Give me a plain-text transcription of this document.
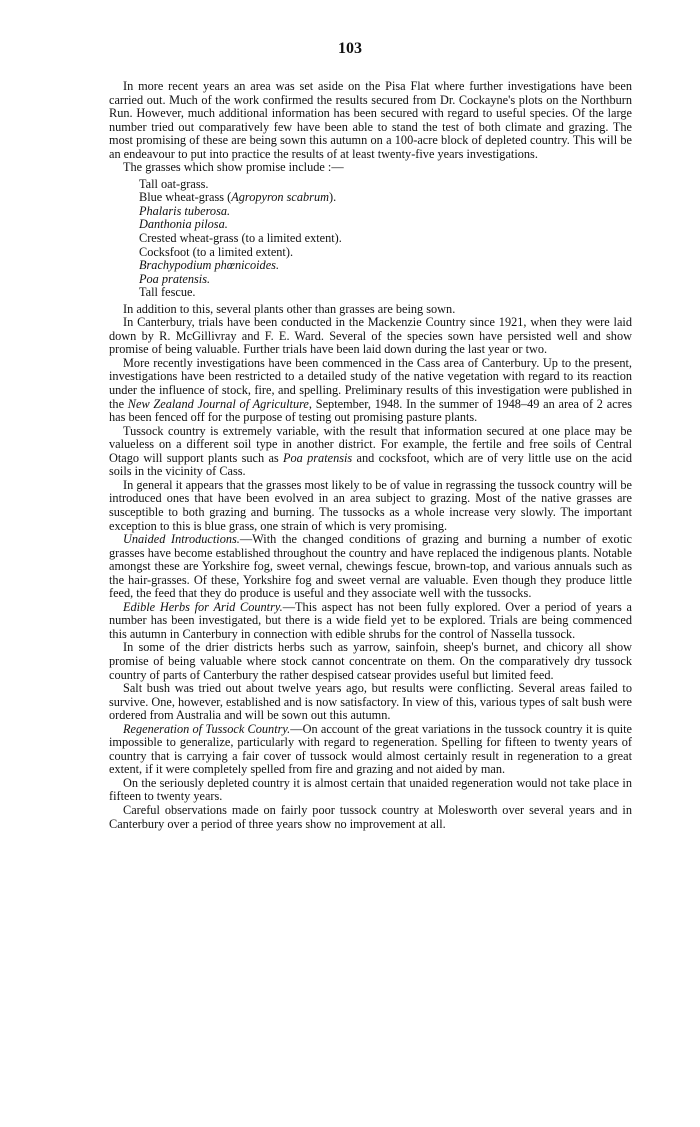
103

In more recent years an area was set aside on the Pisa Flat where further investigations have been carried out. Much of the work confirmed the results secured from Dr. Cockayne's plots on the Northburn Run. However, much additional information has been secured with regard to useful species. Of the large number tried out comparatively few have been able to stand the test of both climate and grazing. The most promising of these are being sown this autumn on a 100-acre block of depleted country. This will be an endeavour to put into practice the results of at least twenty-five years investigations.

The grasses which show promise include :—

Tall oat-grass.
Blue wheat-grass (Agropyron scabrum).
Phalaris tuberosa.
Danthonia pilosa.
Crested wheat-grass (to a limited extent).
Cocksfoot (to a limited extent).
Brachypodium phœnicoides.
Poa pratensis.
Tall fescue.

In addition to this, several plants other than grasses are being sown.

In Canterbury, trials have been conducted in the Mackenzie Country since 1921, when they were laid down by R. McGillivray and F. E. Ward. Several of the species sown have persisted well and show promise of being valuable. Further trials have been laid down during the last year or two.

More recently investigations have been commenced in the Cass area of Canterbury. Up to the present, investigations have been restricted to a detailed study of the native vegetation with regard to its reaction under the influence of stock, fire, and spelling. Preliminary results of this investigation were published in the New Zealand Journal of Agriculture, September, 1948. In the summer of 1948–49 an area of 2 acres has been fenced off for the purpose of testing out promising pasture plants.

Tussock country is extremely variable, with the result that information secured at one place may be valueless on a different soil type in another district. For example, the fertile and free soils of Central Otago will support plants such as Poa pratensis and cocksfoot, which are of very little use on the acid soils in the vicinity of Cass.

In general it appears that the grasses most likely to be of value in regrassing the tussock country will be introduced ones that have been evolved in an area subject to grazing. Most of the native grasses are susceptible to both grazing and burning. The tussocks as a whole increase very slowly. The important exception to this is blue grass, one strain of which is very promising.

Unaided Introductions.—With the changed conditions of grazing and burning a number of exotic grasses have become established throughout the country and have replaced the indigenous plants. Notable amongst these are Yorkshire fog, sweet vernal, chewings fescue, brown-top, and various annuals such as the hair-grasses. Of these, Yorkshire fog and sweet vernal are valuable. Even though they produce little feed, the feed that they do produce is useful and they associate well with the tussocks.

Edible Herbs for Arid Country.—This aspect has not been fully explored. Over a period of years a number has been investigated, but there is a wide field yet to be explored. Trials are being commenced this autumn in Canterbury in connection with edible shrubs for the control of Nassella tussock.

In some of the drier districts herbs such as yarrow, sainfoin, sheep's burnet, and chicory all show promise of being valuable where stock cannot concentrate on them. On the comparatively dry tussock country of parts of Canterbury the rather despised catsear provides useful but limited feed.

Salt bush was tried out about twelve years ago, but results were conflicting. Several areas failed to survive. One, however, established and is now satisfactory. In view of this, various types of salt bush were ordered from Australia and will be sown out this autumn.

Regeneration of Tussock Country.—On account of the great variations in the tussock country it is quite impossible to generalize, particularly with regard to regeneration. Spelling for fifteen to twenty years of country that is carrying a fair cover of tussock would almost certainly result in regeneration to a great extent, if it were completely spelled from fire and grazing and not aided by man.

On the seriously depleted country it is almost certain that unaided regeneration would not take place in fifteen to twenty years.

Careful observations made on fairly poor tussock country at Molesworth over several years and in Canterbury over a period of three years show no improvement at all.
